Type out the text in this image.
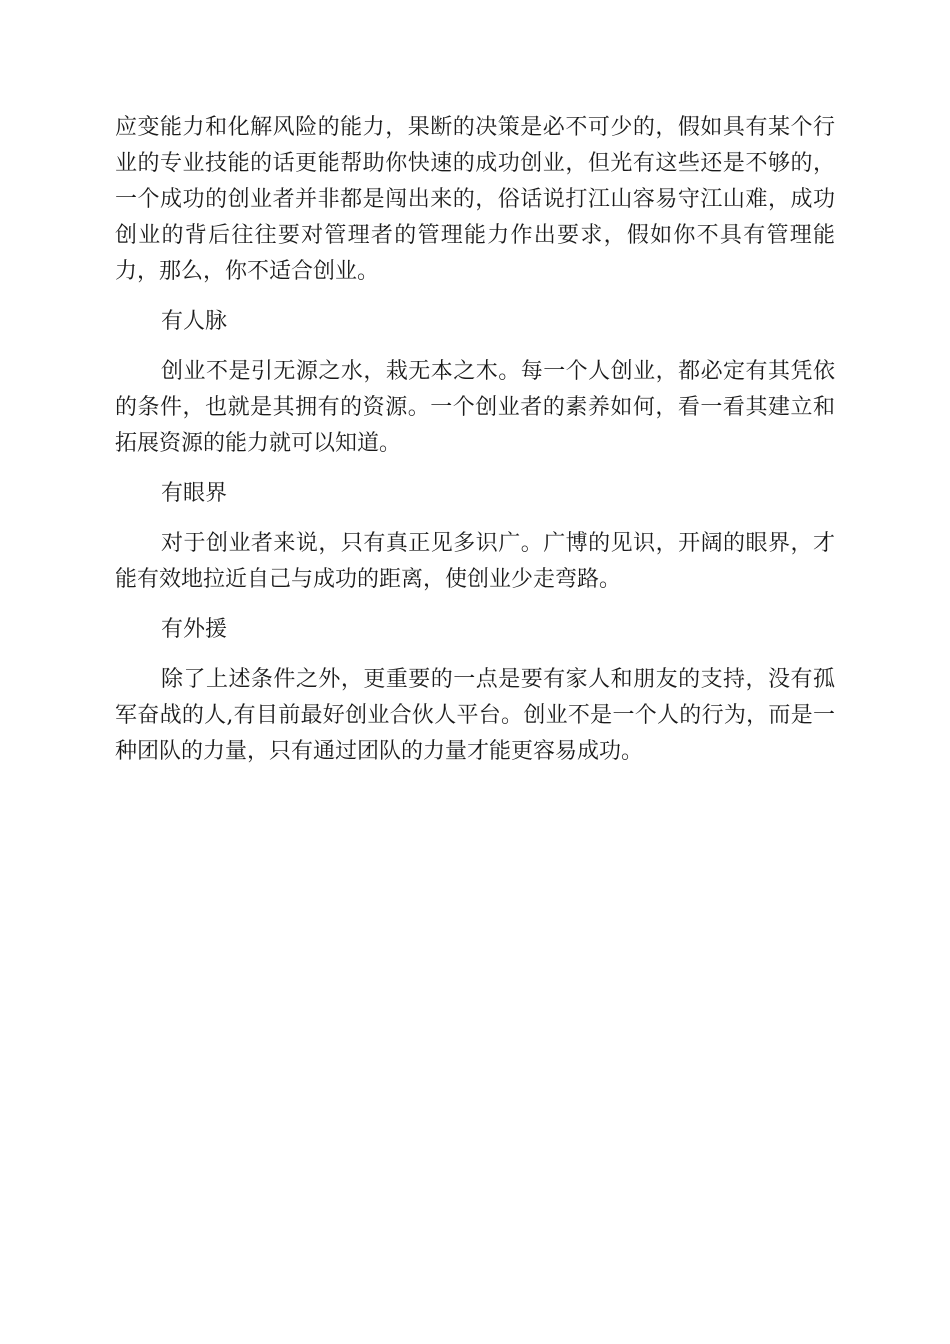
应变能力和化解风险的能力，果断的决策是必不可少的，假如具有某个行业的专业技能的话更能帮助你快速的成功创业，但光有这些还是不够的，一个成功的创业者并非都是闯出来的，俗话说打江山容易守江山难，成功创业的背后往往要对管理者的管理能力作出要求，假如你不具有管理能力，那么，你不适合创业。

有人脉

创业不是引无源之水，栽无本之木。每一个人创业，都必定有其凭依的条件，也就是其拥有的资源。一个创业者的素养如何，看一看其建立和拓展资源的能力就可以知道。

有眼界

对于创业者来说，只有真正见多识广。广博的见识，开阔的眼界，才能有效地拉近自己与成功的距离，使创业少走弯路。

有外援

除了上述条件之外，更重要的一点是要有家人和朋友的支持，没有孤军奋战的人,有目前最好创业合伙人平台。创业不是一个人的行为，而是一种团队的力量，只有通过团队的力量才能更容易成功。
